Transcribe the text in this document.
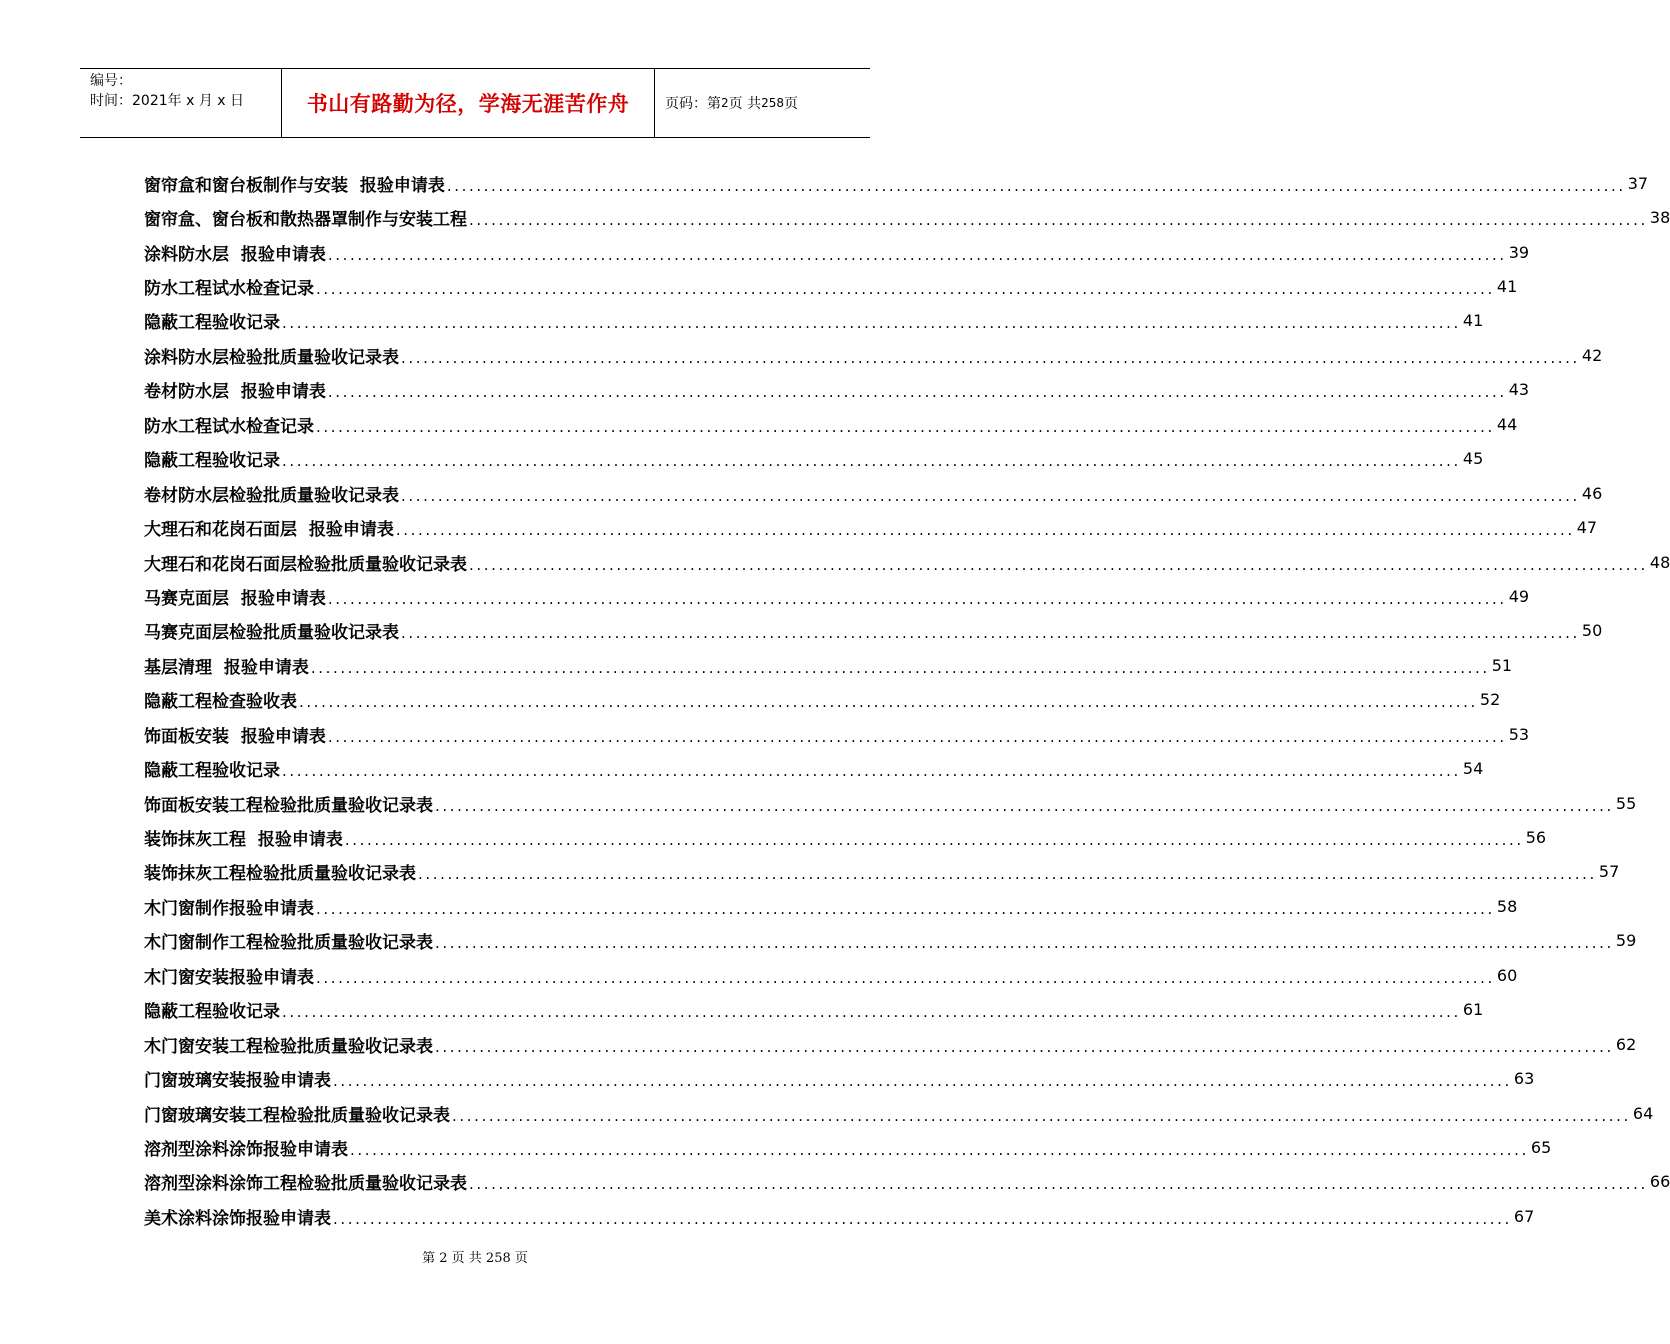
编号：
时间：2021年 x 月 x 日	书山有路勤为径，学海无涯苦作舟	页码：第 2 页 共 258 页
窗帘盒和窗台板制作与安装  报验申请表 ................................................................................................................................................................ 37
窗帘盒、窗台板和散热器罩制作与安装工程 ................................................................................................................................................................ 38
涂料防水层  报验申请表 ................................................................................................................................................................ 39
防水工程试水检查记录 ................................................................................................................................................................ 41
隐蔽工程验收记录 ................................................................................................................................................................ 41
涂料防水层检验批质量验收记录表 ................................................................................................................................................................ 42
卷材防水层  报验申请表 ................................................................................................................................................................ 43
防水工程试水检查记录 ................................................................................................................................................................ 44
隐蔽工程验收记录 ................................................................................................................................................................ 45
卷材防水层检验批质量验收记录表 ................................................................................................................................................................ 46
大理石和花岗石面层  报验申请表 ................................................................................................................................................................ 47
大理石和花岗石面层检验批质量验收记录表 ................................................................................................................................................................ 48
马赛克面层  报验申请表 ................................................................................................................................................................ 49
马赛克面层检验批质量验收记录表 ................................................................................................................................................................ 50
基层清理  报验申请表 ................................................................................................................................................................ 51
隐蔽工程检查验收表 ................................................................................................................................................................ 52
饰面板安装  报验申请表 ................................................................................................................................................................ 53
隐蔽工程验收记录 ................................................................................................................................................................ 54
饰面板安装工程检验批质量验收记录表 ................................................................................................................................................................ 55
装饰抹灰工程  报验申请表 ................................................................................................................................................................ 56
装饰抹灰工程检验批质量验收记录表 ................................................................................................................................................................ 57
木门窗制作报验申请表 ................................................................................................................................................................ 58
木门窗制作工程检验批质量验收记录表 ................................................................................................................................................................ 59
木门窗安装报验申请表 ................................................................................................................................................................ 60
隐蔽工程验收记录 ................................................................................................................................................................ 61
木门窗安装工程检验批质量验收记录表 ................................................................................................................................................................ 62
门窗玻璃安装报验申请表 ................................................................................................................................................................ 63
门窗玻璃安装工程检验批质量验收记录表 ................................................................................................................................................................ 64
溶剂型涂料涂饰报验申请表 ................................................................................................................................................................ 65
溶剂型涂料涂饰工程检验批质量验收记录表 ................................................................................................................................................................ 66
美术涂料涂饰报验申请表 ................................................................................................................................................................ 67
第 2 页 共 258 页
